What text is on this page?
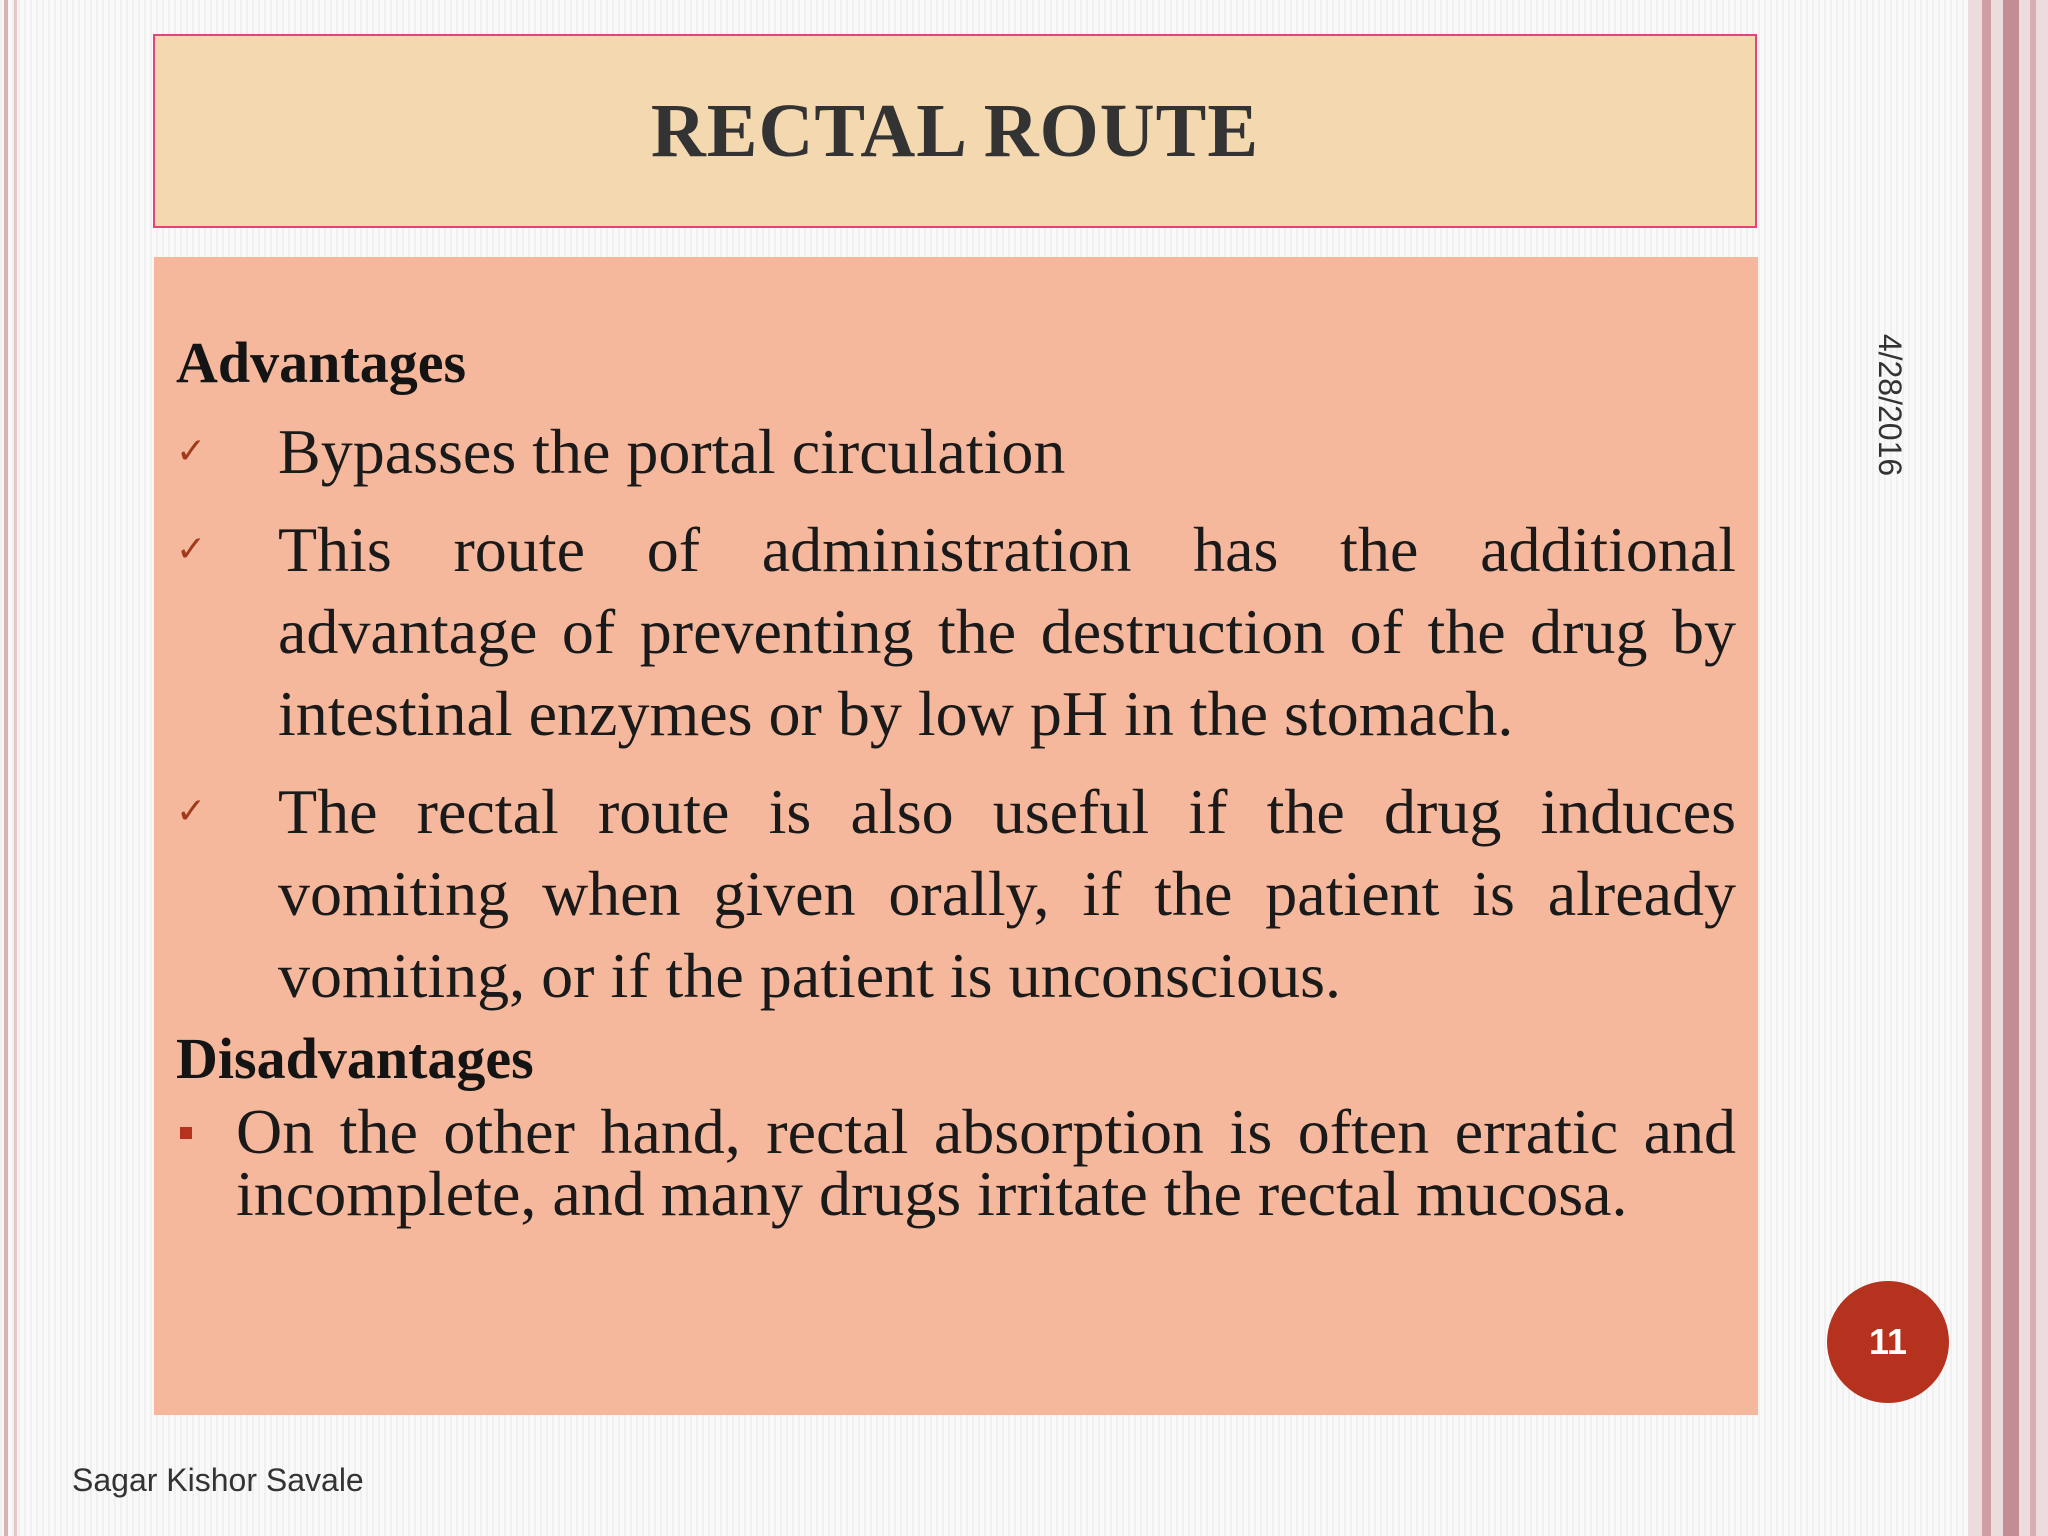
RECTAL ROUTE
Advantages
✓	Bypasses the portal circulation
✓	This route of administration has the additional advantage of preventing the destruction of the drug by intestinal enzymes or by low pH in the stomach.
✓	The rectal route is also useful if the drug induces vomiting when given orally, if the patient is already vomiting, or if the patient is unconscious.
Disadvantages
On the other hand, rectal absorption is often erratic and incomplete, and many drugs irritate the rectal mucosa.
4/28/2016
11
Sagar Kishor Savale
